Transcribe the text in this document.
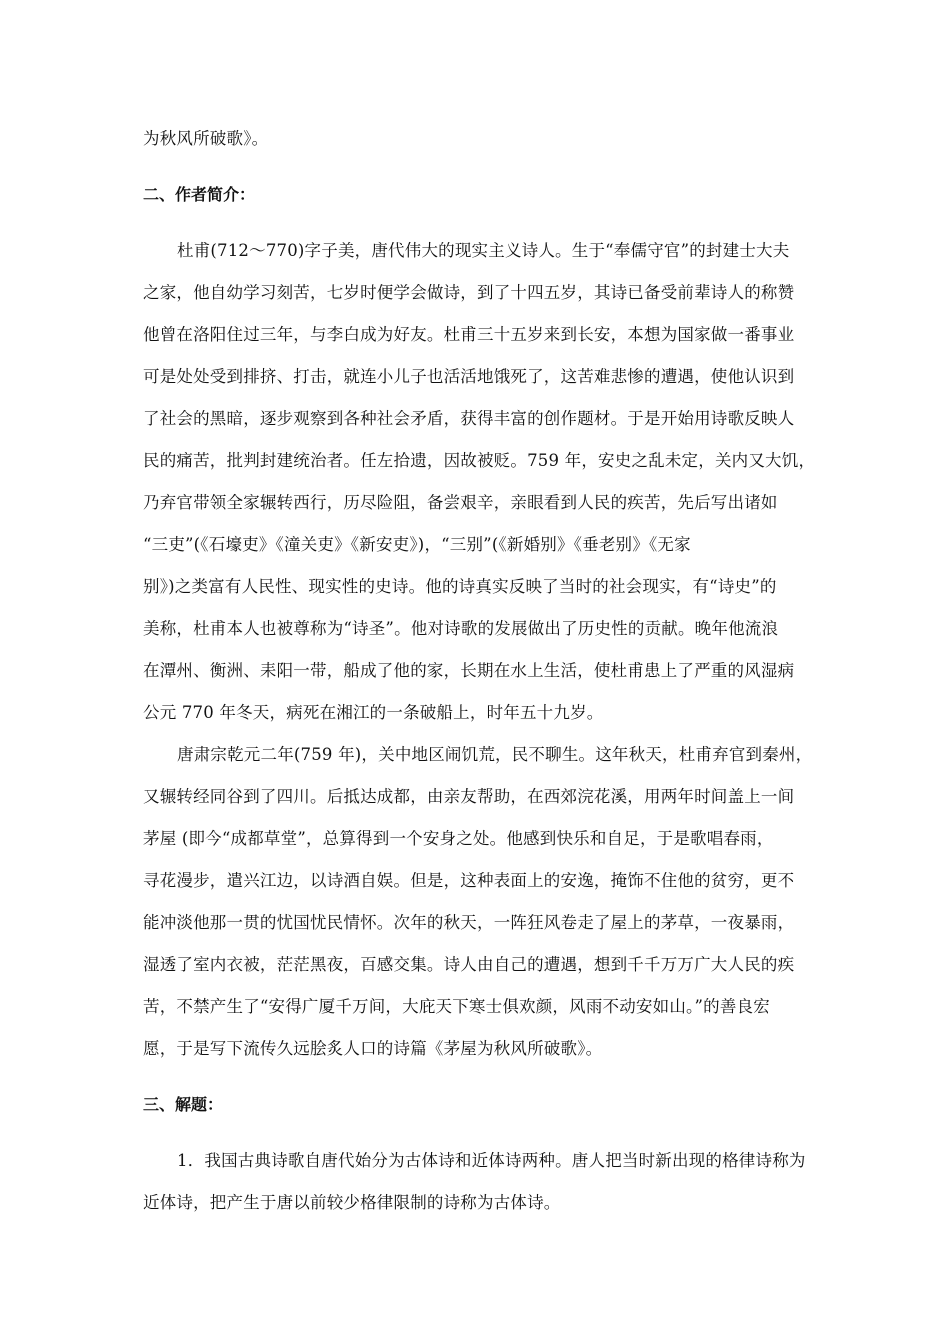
为秋风所破歌》。
二、作者简介：
杜甫(712～770)字子美，唐代伟大的现实主义诗人。生于“奉儒守官”的封建士大夫
之家，他自幼学习刻苦，七岁时便学会做诗，到了十四五岁，其诗已备受前辈诗人的称赞
他曾在洛阳住过三年，与李白成为好友。杜甫三十五岁来到长安，本想为国家做一番事业
可是处处受到排挤、打击，就连小儿子也活活地饿死了，这苦难悲惨的遭遇，使他认识到
了社会的黑暗，逐步观察到各种社会矛盾，获得丰富的创作题材。于是开始用诗歌反映人
民的痛苦，批判封建统治者。任左拾遗，因故被贬。759 年，安史之乱未定，关内又大饥，
乃弃官带领全家辗转西行，历尽险阻，备尝艰辛，亲眼看到人民的疾苦，先后写出诸如
“三吏”(《石壕吏》《潼关吏》《新安吏》)，“三别”(《新婚别》《垂老别》《无家
别》)之类富有人民性、现实性的史诗。他的诗真实反映了当时的社会现实，有“诗史”的
美称，杜甫本人也被尊称为“诗圣”。他对诗歌的发展做出了历史性的贡献。晚年他流浪
在潭州、衡洲、耒阳一带，船成了他的家，长期在水上生活，使杜甫患上了严重的风湿病
公元 770 年冬天，病死在湘江的一条破船上，时年五十九岁。
唐肃宗乾元二年(759 年)，关中地区闹饥荒，民不聊生。这年秋天，杜甫弃官到秦州，
又辗转经同谷到了四川。后抵达成都，由亲友帮助，在西郊浣花溪，用两年时间盖上一间
茅屋 (即今“成都草堂”，总算得到一个安身之处。他感到快乐和自足，于是歌唱春雨，
寻花漫步，遣兴江边，以诗酒自娱。但是，这种表面上的安逸，掩饰不住他的贫穷，更不
能冲淡他那一贯的忧国忧民情怀。次年的秋天，一阵狂风卷走了屋上的茅草，一夜暴雨，
湿透了室内衣被，茫茫黑夜，百感交集。诗人由自己的遭遇，想到千千万万广大人民的疾
苦，不禁产生了“安得广厦千万间，大庇天下寒士俱欢颜，风雨不动安如山。”的善良宏
愿，于是写下流传久远脍炙人口的诗篇《茅屋为秋风所破歌》。
三、解题：
1．我国古典诗歌自唐代始分为古体诗和近体诗两种。唐人把当时新出现的格律诗称为
近体诗，把产生于唐以前较少格律限制的诗称为古体诗。
